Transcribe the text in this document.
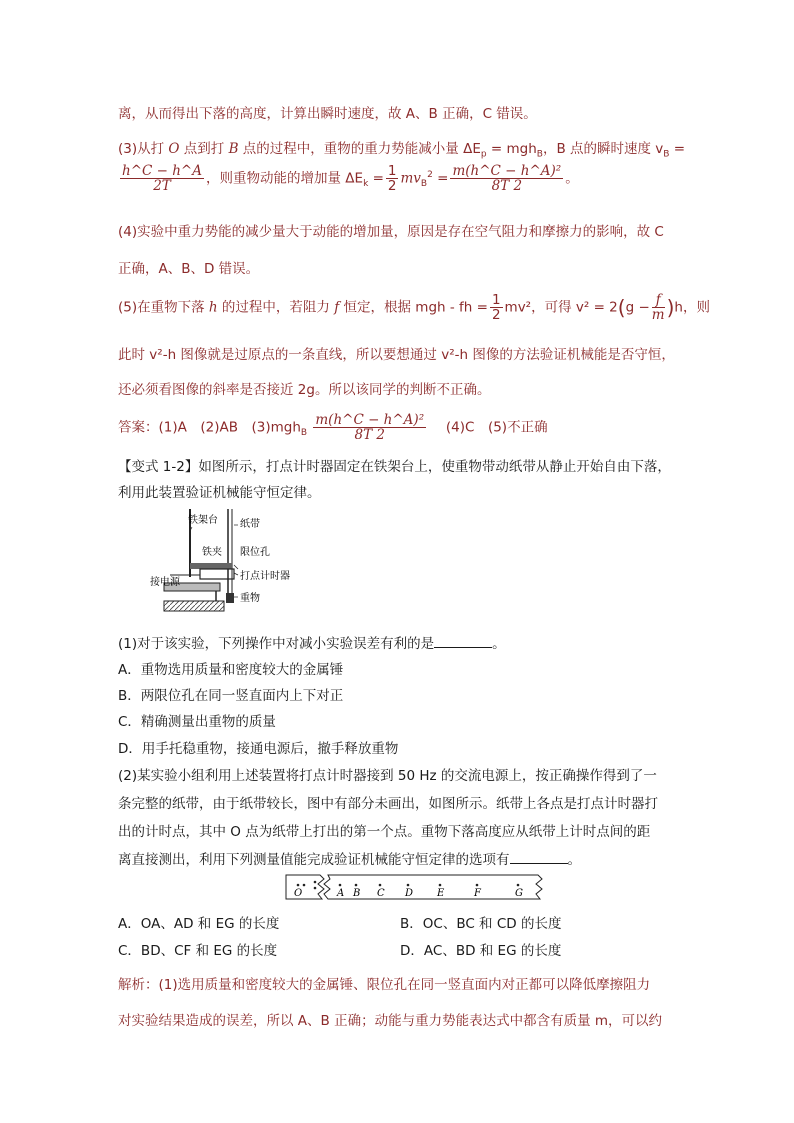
离，从而得出下落的高度，计算出瞬时速度，故 A、B 正确，C 错误。
(3)从打 O 点到打 B 点的过程中，重物的重力势能减小量 $\Delta E_p = mgh_B$，B 点的瞬时速度 $v_B$ =
$\frac{h\^{}C - h\^{}A}{2T}$ ，则重物动能的增加量 $\Delta E_k = \frac{1}{2} mv_B^2 = \frac{\text{m(h\textasciicircum{}C − h\textasciicircum{}A)²}}{8T 2}$ 。
(4)实验中重力势能的减少量大于动能的增加量，原因是存在空气阻力和摩擦力的影响，故 C
正确，A、B、D 错误。
(5)在重物下落 h 的过程中，若阻力 f 恒定，根据 mgh - fh = $\frac{1}{2} mv^2$，可得 $v^2 = 2(g - \frac{f}{m} )h$，则
此时 v²-h 图像就是过原点的一条直线，所以要想通过 v²-h 图像的方法验证机械能是否守恒，
还必须看图像的斜率是否接近 2g。所以该同学的判断不正确。
答案：(1)A　(2)AB　$(3)mgh_B \frac{\text{m(h\textasciicircum{}C − h\textasciicircum{}A)²}}{8T 2}$ 　(4)C　(5)不正确
【变式 1-2】如图所示，打点计时器固定在铁架台上，使重物带动纸带从静止开始自由下落，
利用此装置验证机械能守恒定律。
铁架台 纸带
铁夹 限位孔
接电源
打点计时器
重物
(1)对于该实验，下列操作中对减小实验误差有利的是	。
A．重物选用质量和密度较大的金属锤
B．两限位孔在同一竖直面内上下对正
C．精确测量出重物的质量
D．用手托稳重物，接通电源后，撤手释放重物
(2)某实验小组利用上述装置将打点计时器接到 50 Hz 的交流电源上，按正确操作得到了一
条完整的纸带，由于纸带较长，图中有部分未画出，如图所示。纸带上各点是打点计时器打
出的计时点，其中 O 点为纸带上打出的第一个点。重物下落高度应从纸带上计时点间的距
离直接测出，利用下列测量值能完成验证机械能守恒定律的选项有	。
O	A B C D E	F	G
A．OA、AD 和 EG 的长度	B．OC、BC 和 CD 的长度
C．BD、CF 和 EG 的长度	D．AC、BD 和 EG 的长度
解析：(1)选用质量和密度较大的金属锤、限位孔在同一竖直面内对正都可以降低摩擦阻力
对实验结果造成的误差，所以 A、B 正确；动能与重力势能表达式中都含有质量 m，可以约
